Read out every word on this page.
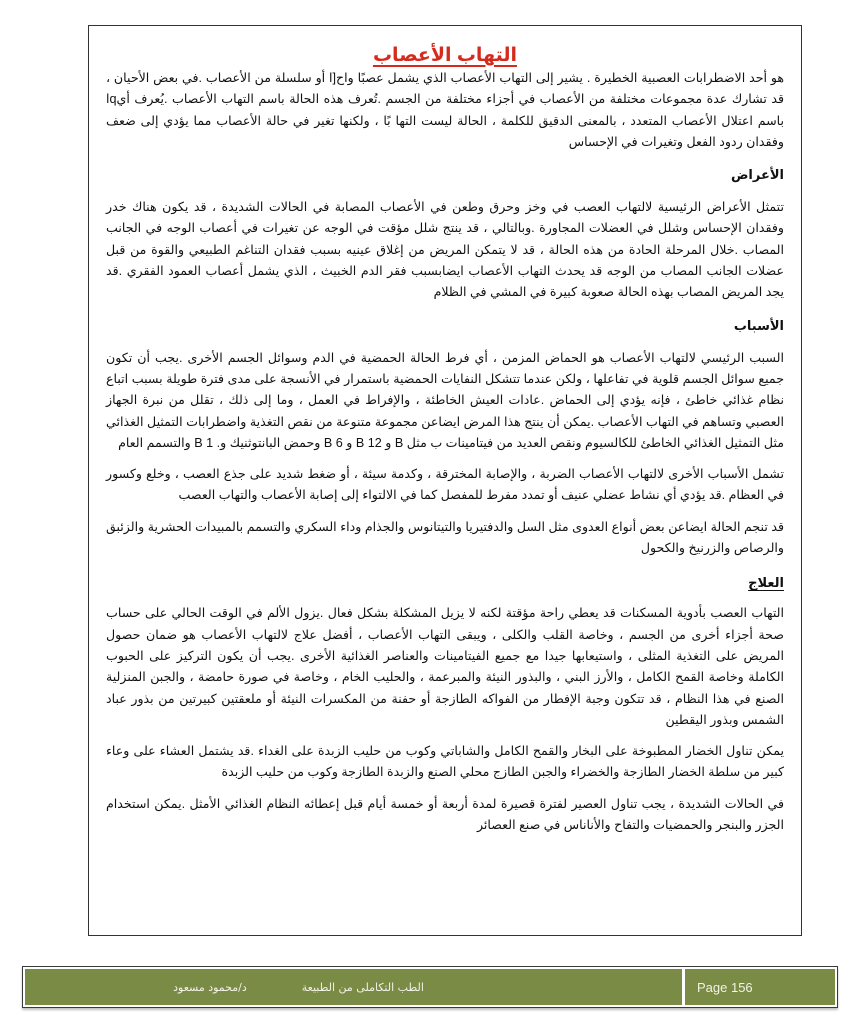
التهاب الأعصاب

هو أحد الاضطرابات العصبية الخطيرة . يشير إلى التهاب الأعصاب الذي يشمل عصبًا واح[ا أو سلسلة من الأعصاب .في بعض الأحيان ، قد تشارك عدة مجموعات مختلفة من الأعصاب في أجزاء مختلفة من الجسم .تُعرف هذه الحالة باسم التهاب الأعصاب .يُعرف أيqا باسم اعتلال الأعصاب المتعدد ، بالمعنى الدقيق للكلمة ، الحالة ليست التها بًا ، ولكنها تغير في حالة الأعصاب مما يؤدي إلى ضعف وفقدان ردود الفعل وتغيرات في الإحساس

الأعراض

تتمثل الأعراض الرئيسية لالتهاب العصب في وخز وحرق وطعن في الأعصاب المصابة في الحالات الشديدة ، قد يكون هناك خدر وفقدان الإحساس وشلل في العضلات المجاورة .وبالتالي ، قد ينتج شلل مؤقت في الوجه عن تغيرات في أعصاب الوجه في الجانب المصاب .خلال المرحلة الحادة من هذه الحالة ، قد لا يتمكن المريض من إغلاق عينيه بسبب فقدان التناغم الطبيعي والقوة من قبل عضلات الجانب المصاب من الوجه قد يحدث التهاب الأعصاب ايضابسبب فقر الدم الخبيث ، الذي يشمل أعصاب العمود الفقري .قد يجد المريض المصاب بهذه الحالة صعوبة كبيرة في المشي في الظلام

الأسباب

السبب الرئيسي لالتهاب الأعصاب هو الحماض المزمن ، أي فرط الحالة الحمضية في الدم وسوائل الجسم الأخرى .يجب أن تكون جميع سوائل الجسم قلوية في تفاعلها ، ولكن عندما تتشكل النفايات الحمضية باستمرار في الأنسجة على مدى فترة طويلة بسبب اتباع نظام غذائي خاطئ ، فإنه يؤدي إلى الحماض .عادات العيش الخاطئة ، والإفراط في العمل ، وما إلى ذلك ، تقلل من نبرة الجهاز العصبي وتساهم في التهاب الأعصاب .يمكن أن ينتج هذا المرض ايضاعن مجموعة متنوعة من نقص التغذية واضطرابات التمثيل الغذائي مثل التمثيل الغذائي الخاطئ للكالسيوم ونقص العديد من فيتامينات ب مثل B و B 12 و B 6 وحمض البانتوثنيك و. B 1 والتسمم العام

تشمل الأسباب الأخرى لالتهاب الأعصاب الضربة ، والإصابة المخترقة ، وكدمة سيئة ، أو ضغط شديد على جذع العصب ، وخلع وكسور في العظام .قد يؤدي أي نشاط عضلي عنيف أو تمدد مفرط للمفصل كما في الالتواء إلى إصابة الأعصاب والتهاب العصب

قد تنجم الحالة ايضاعن بعض أنواع العدوى مثل السل والدفتيريا والتيتانوس والجذام وداء السكري والتسمم بالمبيدات الحشرية والزئبق والرصاص والزرنيخ والكحول

العلاج

التهاب العصب بأدوية المسكنات قد يعطي راحة مؤقتة لكنه لا يزيل المشكلة بشكل فعال .يزول الألم في الوقت الحالي على حساب صحة أجزاء أخرى من الجسم ، وخاصة القلب والكلى ، ويبقى التهاب الأعصاب ، أفضل علاج لالتهاب الأعصاب هو ضمان حصول المريض على التغذية المثلى ، واستيعابها جيدا مع جميع الفيتامينات والعناصر الغذائية الأخرى .يجب أن يكون التركيز على الحبوب الكاملة وخاصة القمح الكامل ، والأرز البني ، والبذور النيئة والمبرعمة ، والحليب الخام ، وخاصة في صورة حامضة ، والجبن المنزلية الصنع في هذا النظام ، قد تتكون وجبة الإفطار من الفواكه الطازجة أو حفنة من المكسرات النيئة أو ملعقتين كبيرتين من بذور عباد الشمس وبذور اليقطين

يمكن تناول الخضار المطبوخة على البخار والقمح الكامل والشاباتي وكوب من حليب الزبدة على الغداء .قد يشتمل العشاء على وعاء كبير من سلطة الخضار الطازجة والخضراء والجبن الطازج محلي الصنع والزبدة الطازجة وكوب من حليب الزبدة

في الحالات الشديدة ، يجب تناول العصير لفترة قصيرة لمدة أربعة أو خمسة أيام قبل إعطائه النظام الغذائي الأمثل .يمكن استخدام الجزر والبنجر والحمضيات والتفاح والأناناس في صنع العصائر

الطب التكاملى من الطبيعة
د/محمود مسعود	Page 156
